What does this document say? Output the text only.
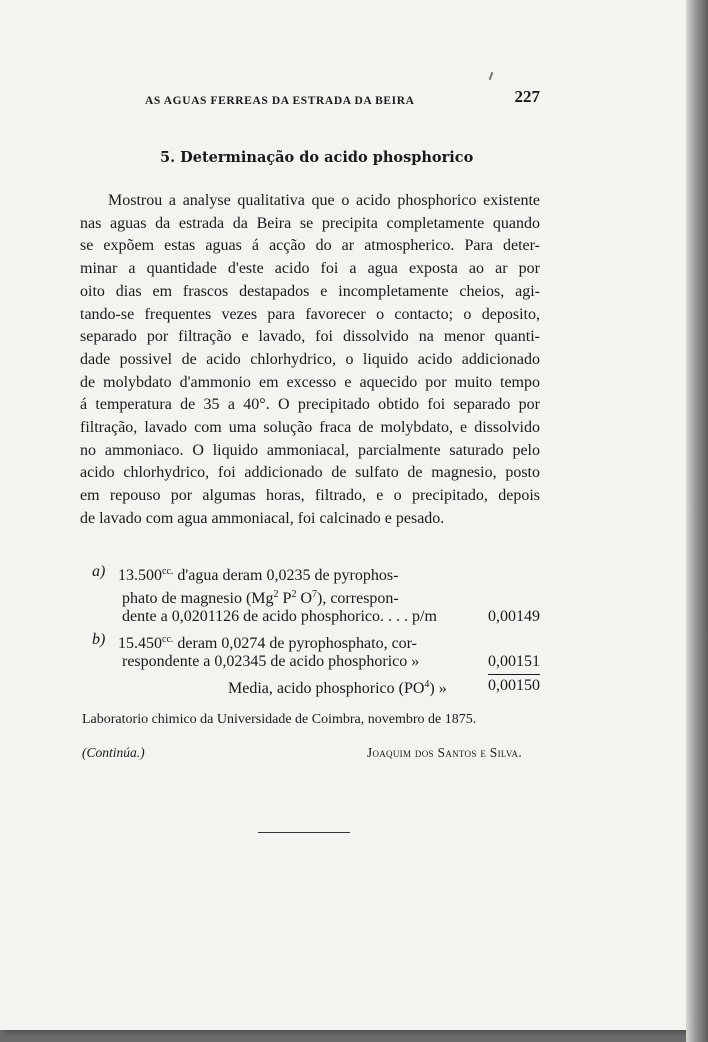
AS AGUAS FERREAS DA ESTRADA DA BEIRA	227
5. Determinação do acido phosphorico
Mostrou a analyse qualitativa que o acido phosphorico existente
nas aguas da estrada da Beira se precipita completamente quando
se expõem estas aguas á acção do ar atmospherico. Para deter-
minar a quantidade d'este acido foi a agua exposta ao ar por
oito dias em frascos destapados e incompletamente cheios, agi-
tando-se frequentes vezes para favorecer o contacto; o deposito,
separado por filtração e lavado, foi dissolvido na menor quanti-
dade possivel de acido chlorhydrico, o liquido acido addicionado
de molybdato d'ammonio em excesso e aquecido por muito tempo
á temperatura de 35 a 40°. O precipitado obtido foi separado por
filtração, lavado com uma solução fraca de molybdato, e dissolvido
no ammoniaco. O liquido ammoniacal, parcialmente saturado pelo
acido chlorhydrico, foi addicionado de sulfato de magnesio, posto
em repouso por algumas horas, filtrado, e o precipitado, depois
de lavado com agua ammoniacal, foi calcinado e pesado.
a) $13.500^{cc.}$ d'agua deram 0,0235 de pyrophos-
phato de magnesio (Mg$^2$ $P^2$ $O^7$), correspon-
dente a 0,0201126 de acido phosphorico. . . . p/m	0,00149
b) $15.450^{cc.}$ deram 0,0274 de pyrophosphato, cor-
respondente a 0,02345 de acido phosphorico »	0,00151
Media, acido phosphorico $(PO^4)$ »	0,00150
Laboratorio chimico da Universidade de Coimbra, novembro de 1875.
(Continúa.)	Joaquim dos Santos e Silva.
